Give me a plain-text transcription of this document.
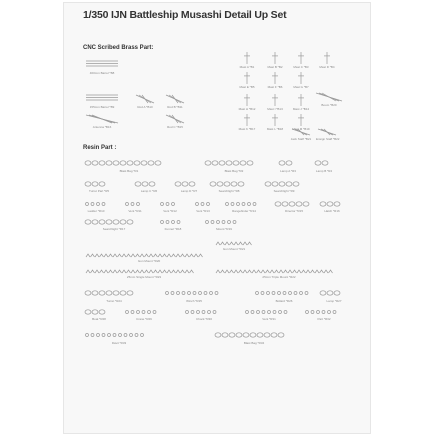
1/350 IJN Battleship Musashi Detail Up Set
CNC Scribed Brass Part:
Resin Part :
Mast A *B1	Mast B *B2	Mast C *B3	Mast D *B4
Mast E *B5	Mast F *B6	Mast G *B7
460mm Barrel *B8
155mm Barrel *B9	Rod A *B10	Rod B *B11	Mast H *B12	Mast I *B13	Mast J *B14
Rod C *B15
Antenna *B16	Mast K *B17	Mast L *B18	Mast M *B19
Boom *B20
Jack Staff *B21 Ensign Staff *B22
Blast Bag *R1	Blast Bag *R2	Lamp A *R3	Lamp B *R4
Turret Part *R5	Lamp C *R6	Lamp D *R7	Searchlight *R8	Searchlight *R9
Ladder *R10	Vent *R11	Vent *R12	Vent *R13	Rangefinder *R14	Director *R15	Hatch *R16
Searchlight *R17	Funnel *R18	Mount *R19
Gun Mount *R20
Gun Mount *R21
25mm Triple Mount *R22
25mm Single Mount *R23
Turret *R24	Winch *R25	Bollard *R26	Lamp *R27
Boat *R28	Crane *R29	Chock *R30	Vent *R31	Part *R32
Davit *R33	Blast Bag *R34
